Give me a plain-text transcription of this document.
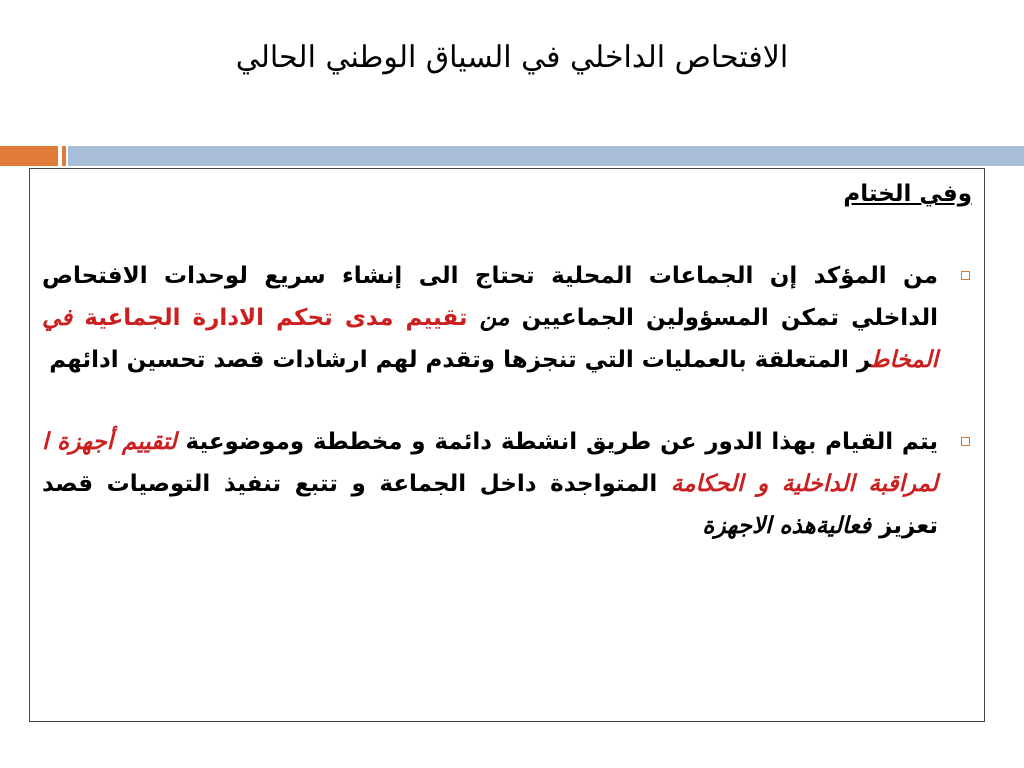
الافتحاص الداخلي في السياق الوطني الحالي
وفي الختام
من المؤكد إن الجماعات المحلية تحتاج الى إنشاء سريع لوحدات الافتحاص الداخلي تمكن المسؤولين الجماعيين من تقييم مدى تحكم الادارة الجماعية في المخاطر المتعلقة بالعمليات التي تنجزها وتقدم لهم ارشادات قصد تحسين ادائهم
يتم القيام بهذا الدور عن طريق انشطة دائمة و مخططة وموضوعية لتقييم أجهزة ا لمراقبة الداخلية و الحكامة المتواجدة داخل الجماعة و تتبع تنفيذ التوصيات قصد تعزيز فعاليةهذه الاجهزة
